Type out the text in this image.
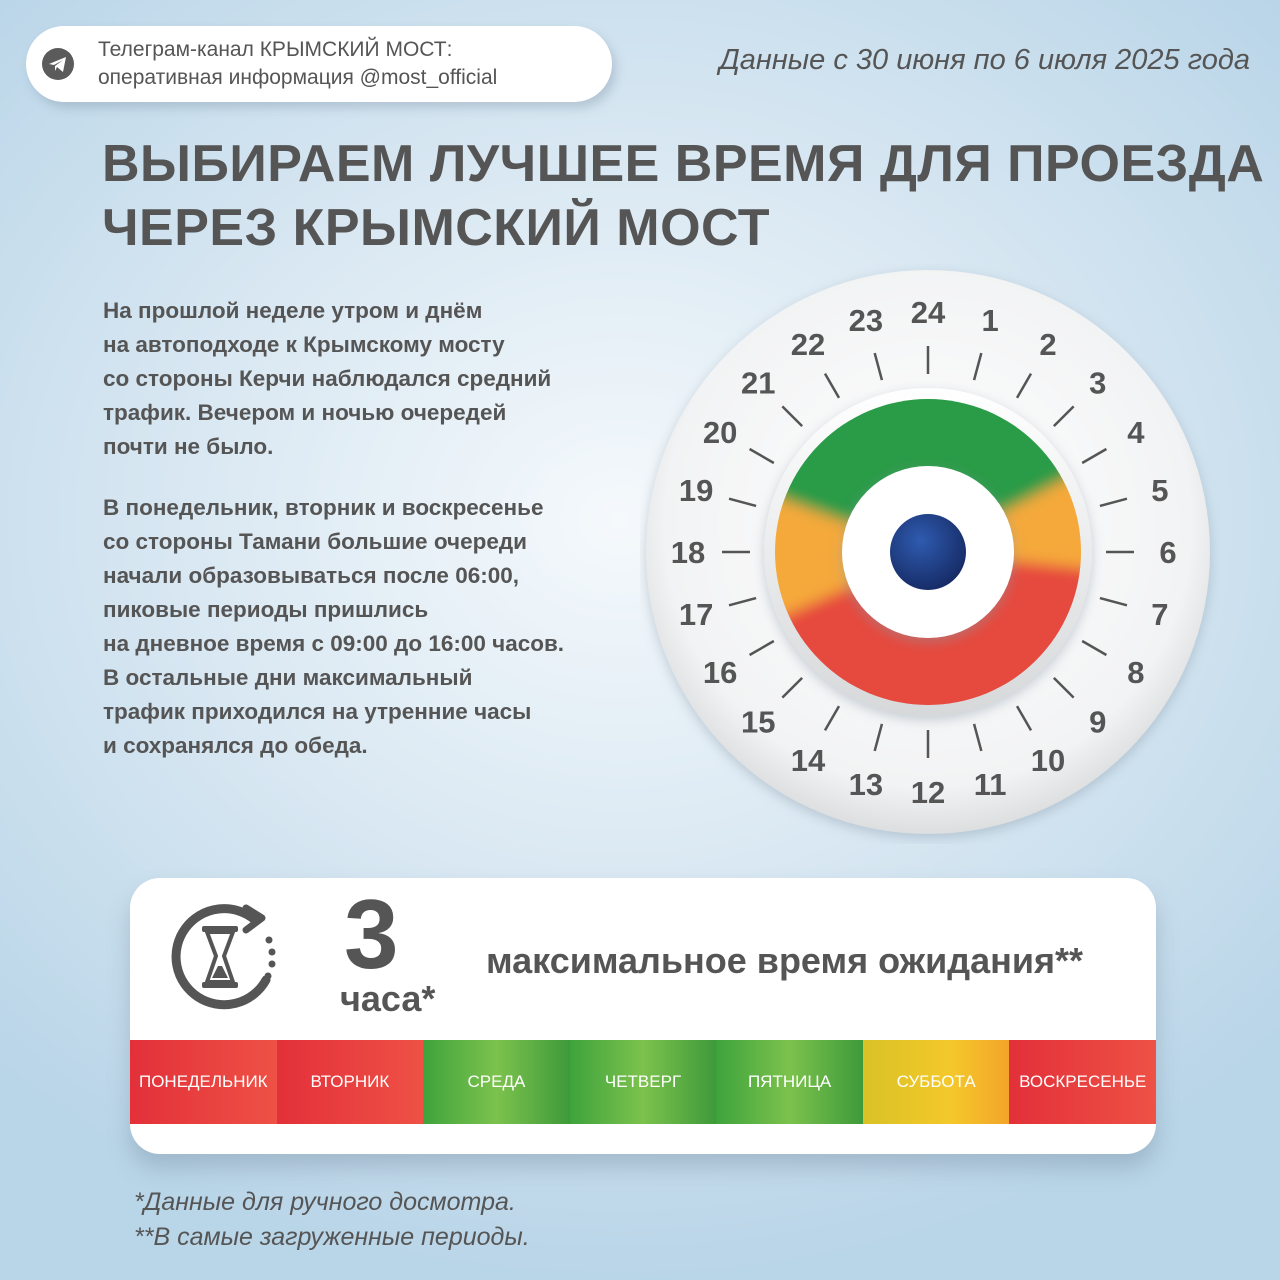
Телеграм-канал КРЫМСКИЙ МОСТ:
оперативная информация @most_official
Данные с 30 июня по 6 июля 2025 года
ВЫБИРАЕМ ЛУЧШЕЕ ВРЕМЯ ДЛЯ ПРОЕЗДА
ЧЕРЕЗ КРЫМСКИЙ МОСТ
На прошлой неделе утром и днём
на автоподходе к Крымскому мосту
со стороны Керчи наблюдался средний
трафик. Вечером и ночью очередей
почти не было.
В понедельник, вторник и воскресенье
со стороны Тамани большие очереди
начали образовываться после 06:00,
пиковые периоды пришлись
на дневное время с 09:00 до 16:00 часов.
В остальные дни максимальный
трафик приходился на утренние часы
и сохранялся до обеда.
24 1
2
3
4
5
6
7
8
9
10
11
12
13
14
15
16
17
18
19
20
21
22
23
3
часа*
максимальное время ожидания**
ПОНЕДЕЛЬНИК	ВТОРНИК	СРЕДА	ЧЕТВЕРГ	ПЯТНИЦА	СУББОТА	ВОСКРЕСЕНЬЕ
*Данные для ручного досмотра.
**В самые загруженные периоды.
